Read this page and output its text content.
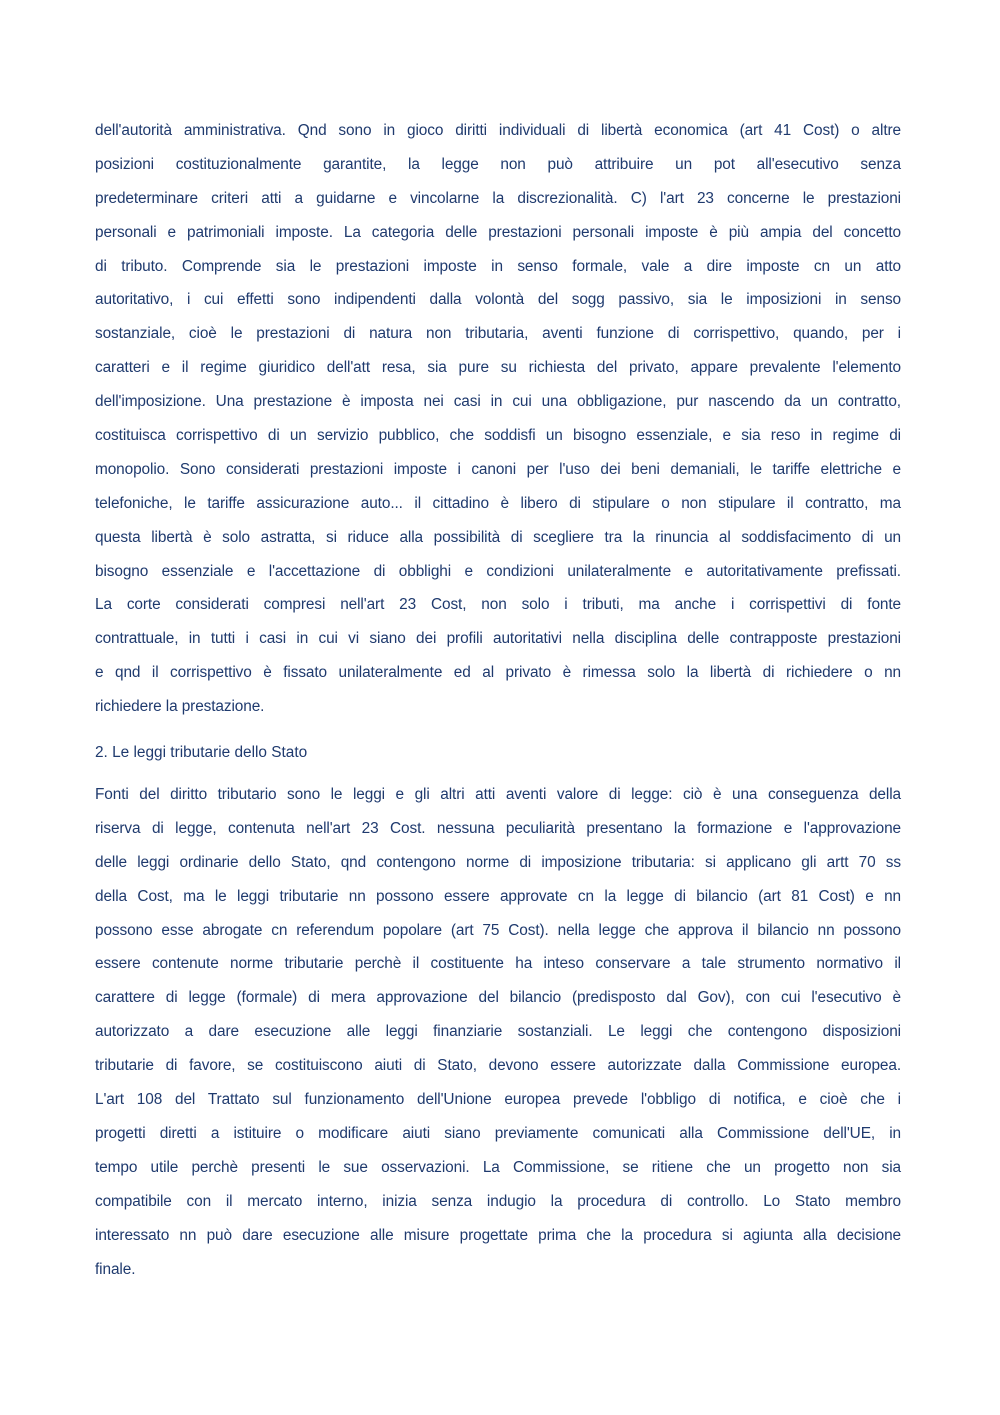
dell'autorità amministrativa. Qnd sono in gioco diritti individuali di libertà economica (art 41 Cost) o altre
posizioni costituzionalmente garantite, la legge non può attribuire un pot all'esecutivo senza
predeterminare criteri atti a guidarne e vincolarne la discrezionalità. C) l'art 23 concerne le prestazioni
personali e patrimoniali imposte. La categoria delle prestazioni personali imposte è più ampia del concetto
di tributo. Comprende sia le prestazioni imposte in senso formale, vale a dire imposte cn un atto
autoritativo, i cui effetti sono indipendenti dalla volontà del sogg passivo, sia le imposizioni in senso
sostanziale, cioè le prestazioni di natura non tributaria, aventi funzione di corrispettivo, quando, per i
caratteri e il regime giuridico dell'att resa, sia pure su richiesta del privato, appare prevalente l'elemento
dell'imposizione. Una prestazione è imposta nei casi in cui una obbligazione, pur nascendo da un contratto,
costituisca corrispettivo di un servizio pubblico, che soddisfi un bisogno essenziale, e sia reso in regime di
monopolio. Sono considerati prestazioni imposte i canoni per l'uso dei beni demaniali, le tariffe elettriche e
telefoniche, le tariffe assicurazione auto... il cittadino è libero di stipulare o non stipulare il contratto, ma
questa libertà è solo astratta, si riduce alla possibilità di scegliere tra la rinuncia al soddisfacimento di un
bisogno essenziale e l'accettazione di obblighi e condizioni unilateralmente e autoritativamente prefissati.
La corte considerati compresi nell'art 23 Cost, non solo i tributi, ma anche i corrispettivi di fonte
contrattuale, in tutti i casi in cui vi siano dei profili autoritativi nella disciplina delle contrapposte prestazioni
e qnd il corrispettivo è fissato unilateralmente ed al privato è rimessa solo la libertà di richiedere o nn
richiedere la prestazione.
2. Le leggi tributarie dello Stato
Fonti del diritto tributario sono le leggi e gli altri atti aventi valore di legge: ciò è una conseguenza della
riserva di legge, contenuta nell'art 23 Cost. nessuna peculiarità presentano la formazione e l'approvazione
delle leggi ordinarie dello Stato, qnd contengono norme di imposizione tributaria: si applicano gli artt 70 ss
della Cost, ma le leggi tributarie nn possono essere approvate cn la legge di bilancio (art 81 Cost) e nn
possono esse abrogate cn referendum popolare (art 75 Cost). nella legge che approva il bilancio nn possono
essere contenute norme tributarie perchè il costituente ha inteso conservare a tale strumento normativo il
carattere di legge (formale) di mera approvazione del bilancio (predisposto dal Gov), con cui l'esecutivo è
autorizzato a dare esecuzione alle leggi finanziarie sostanziali. Le leggi che contengono disposizioni
tributarie di favore, se costituiscono aiuti di Stato, devono essere autorizzate dalla Commissione europea.
L'art 108 del Trattato sul funzionamento dell'Unione europea prevede l'obbligo di notifica, e cioè che i
progetti diretti a istituire o modificare aiuti siano previamente comunicati alla Commissione dell'UE, in
tempo utile perchè presenti le sue osservazioni. La Commissione, se ritiene che un progetto non sia
compatibile con il mercato interno, inizia senza indugio la procedura di controllo. Lo Stato membro
interessato nn può dare esecuzione alle misure progettate prima che la procedura si agiunta alla decisione
finale.
